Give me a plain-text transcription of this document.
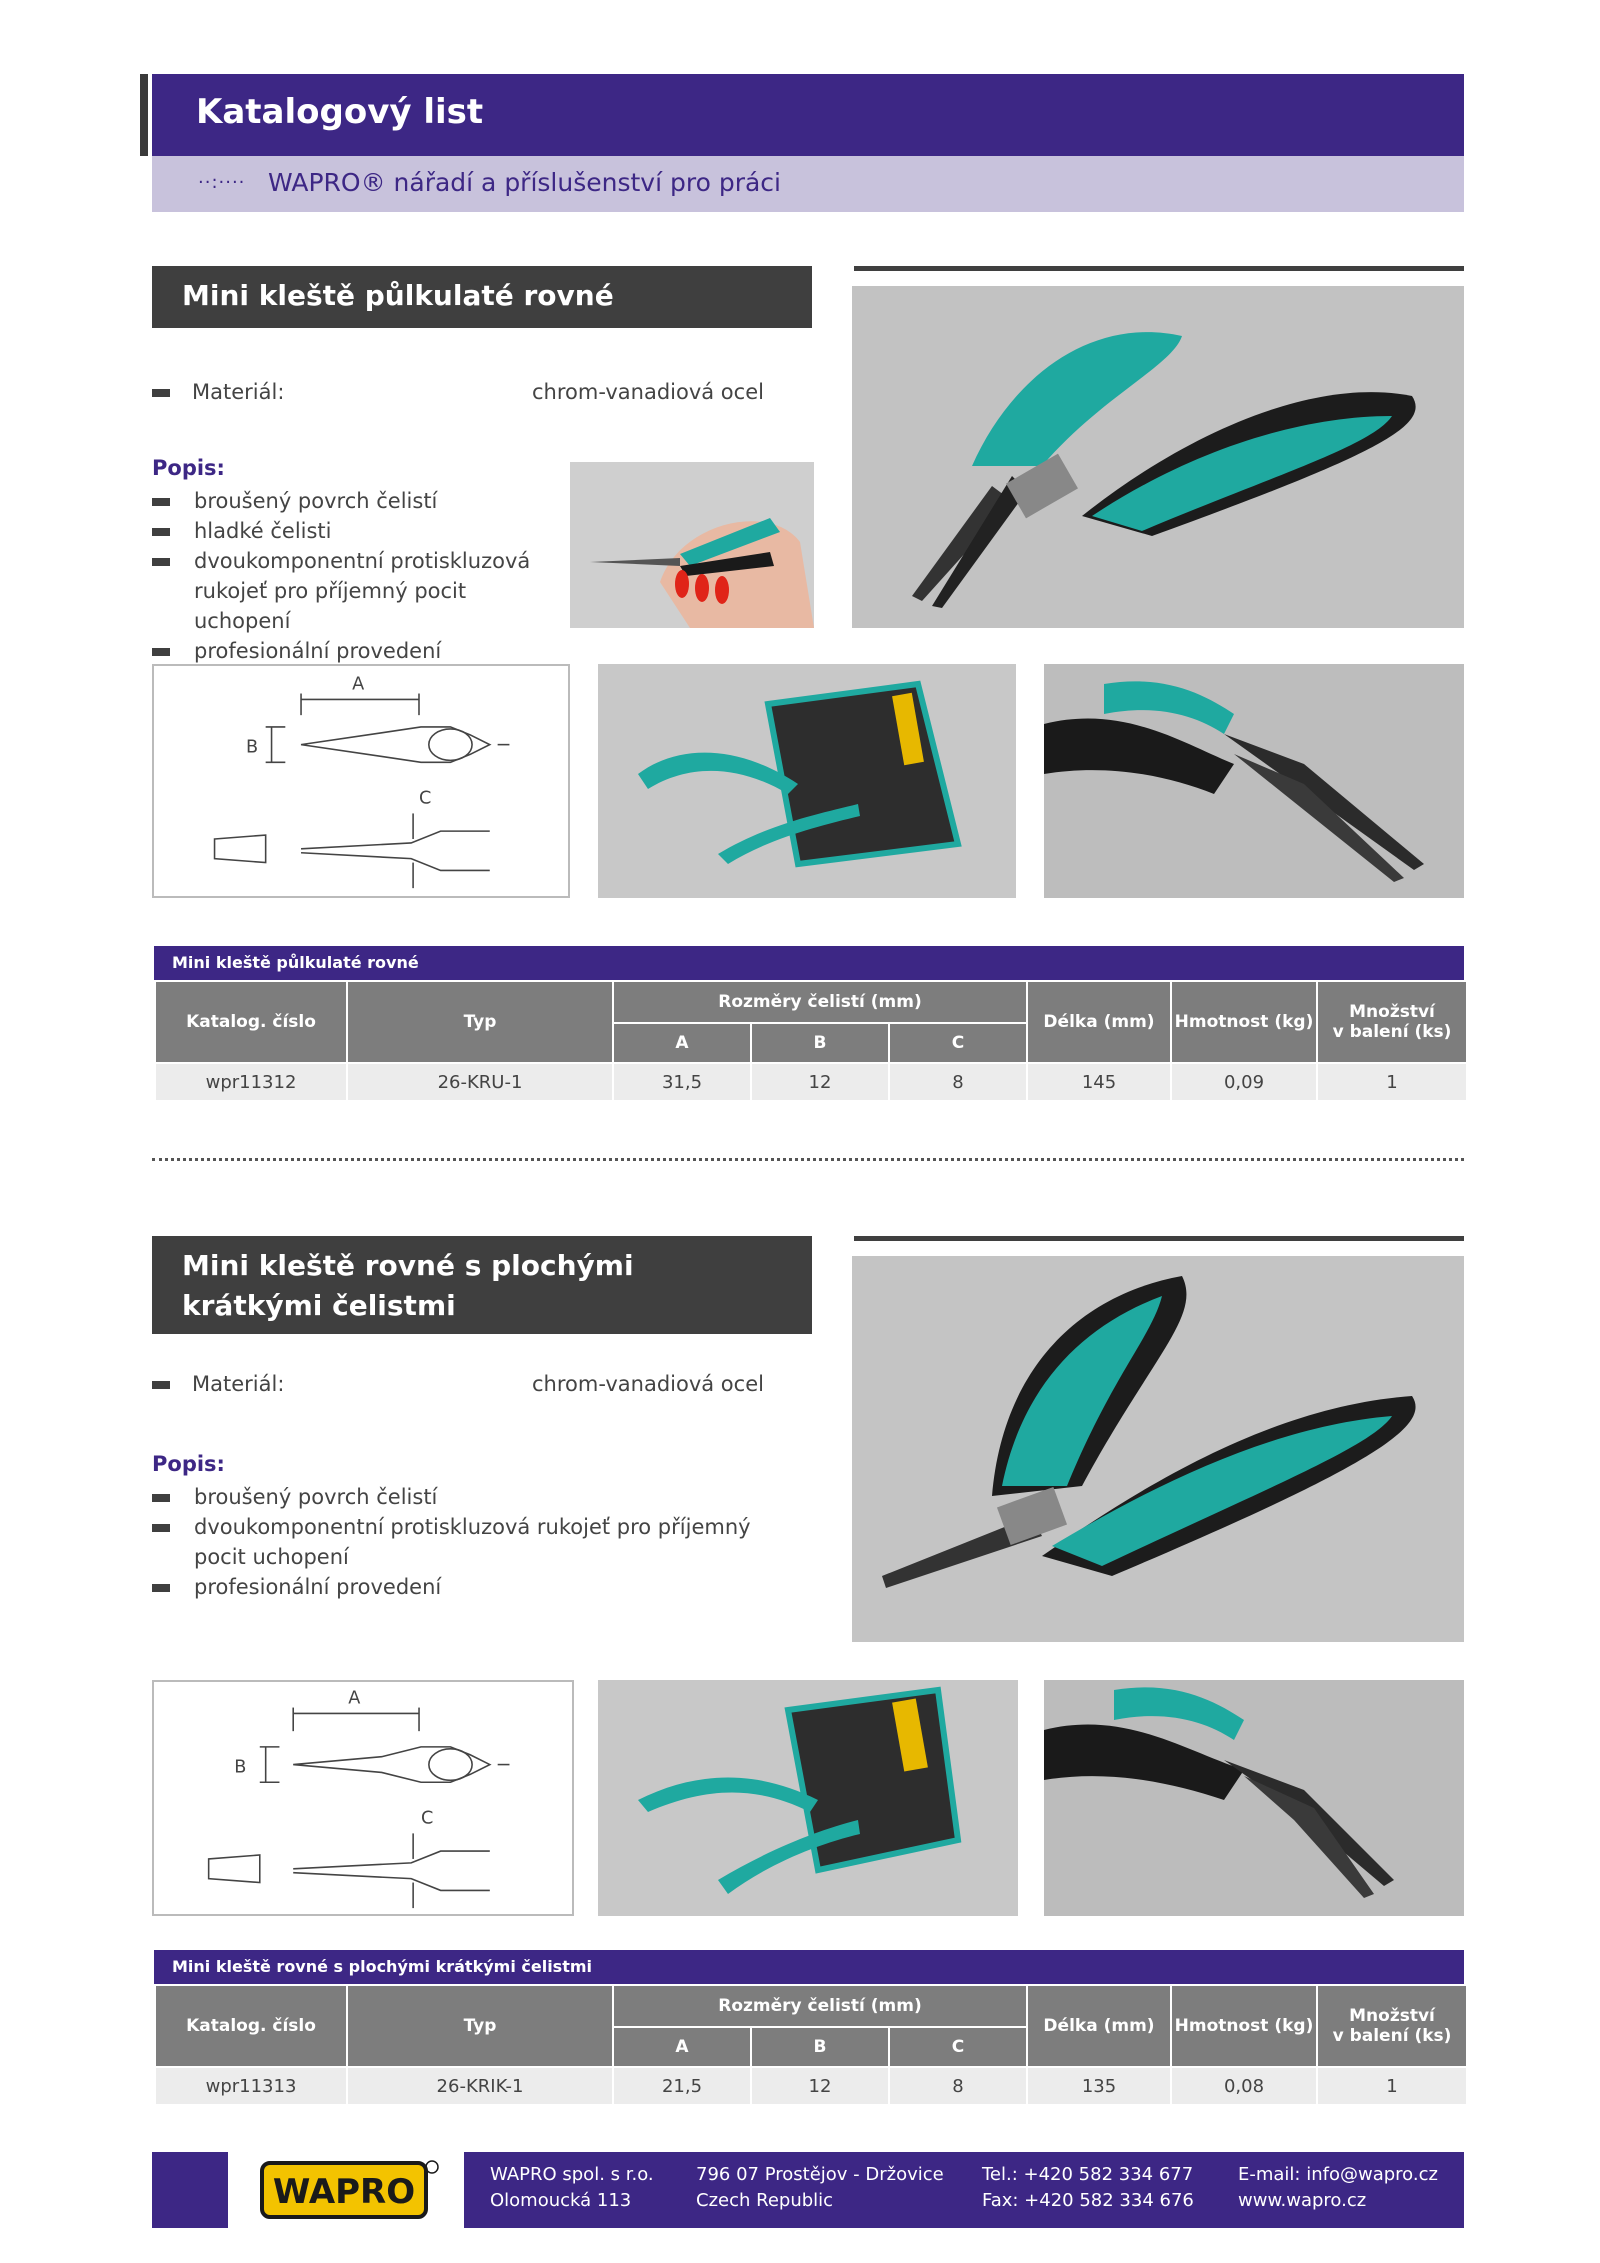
Katalogový list
··:···· WAPRO® nářadí a příslušenství pro práci
Mini kleště půlkulaté rovné
Materiál:	chrom-vanadiová ocel
Popis:
broušený povrch čelistí
hladké čelisti
dvoukomponentní protiskluzová rukojeť pro příjemný pocit uchopení
profesionální provedení
A
B
C
Mini kleště půlkulaté rovné
Katalog. číslo	Typ	Rozměry čelistí (mm)			Délka (mm)	Hmotnost (kg)	Množství
v balení (ks)
		A	B	C			
wpr11312	26-KRU-1	31,5	12	8	145	0,09	1
Mini kleště rovné s plochými krátkými čelistmi
Materiál:	chrom-vanadiová ocel
Popis:
broušený povrch čelistí
dvoukomponentní protiskluzová rukojeť pro příjemný pocit uchopení
profesionální provedení
A
B
C
Mini kleště rovné s plochými krátkými čelistmi
Katalog. číslo	Typ	Rozměry čelistí (mm)			Délka (mm)	Hmotnost (kg)	Množství
v balení (ks)
		A	B	C			
wpr11313	26-KRIK-1	21,5	12	8	135	0,08	1
WAPRO	WAPRO spol. s r.o.
Olomoucká 113
796 07 Prostějov - Držovice
Czech Republic
Tel.: +420 582 334 677
Fax: +420 582 334 676
E-mail: info@wapro.cz
www.wapro.cz
